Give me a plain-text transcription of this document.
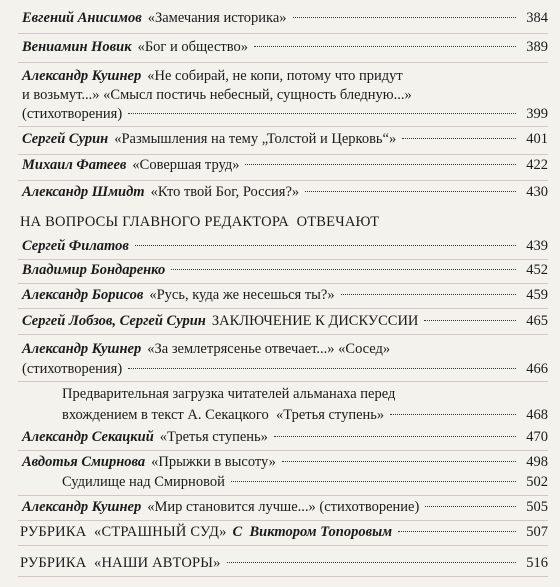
Евгений Анисимов «Замечания историка»	384
Вениамин Новик «Бог и общество»	389
Александр Кушнер «Не собирай, не копи, потому что придут
и возьмут...» «Смысл постичь небесный, сущность бледную...»
(стихотворения)	399
Сергей Сурин «Размышления на тему „Толстой и Церковь“»	401
Михаил Фатеев «Совершая труд»	422
Александр Шмидт «Кто твой Бог, Россия?»	430
НА ВОПРОСЫ ГЛАВНОГО РЕДАКТОРА  ОТВЕЧАЮТ
Сергей Филатов	439
Владимир Бондаренко	452
Александр Борисов «Русь, куда же несешься ты?»	459
Сергей Лобзов, Сергей Сурин ЗАКЛЮЧЕНИЕ К ДИСКУССИИ	465
Александр Кушнер «За землетрясенье отвечает...» «Сосед»
(стихотворения)	466
Предварительная загрузка читателей альманаха перед
вхождением в текст А. Секацкого  «Третья ступень»	468
Александр Секацкий «Третья ступень»	470
Авдотья Смирнова «Прыжки в высоту»	498
Судилище над Смирновой	502
Александр Кушнер «Мир становится лучше...» (стихотворение)	505
РУБРИКА  «СТРАШНЫЙ СУД» С  Виктором Топоровым	507
РУБРИКА  «НАШИ АВТОРЫ»	516
